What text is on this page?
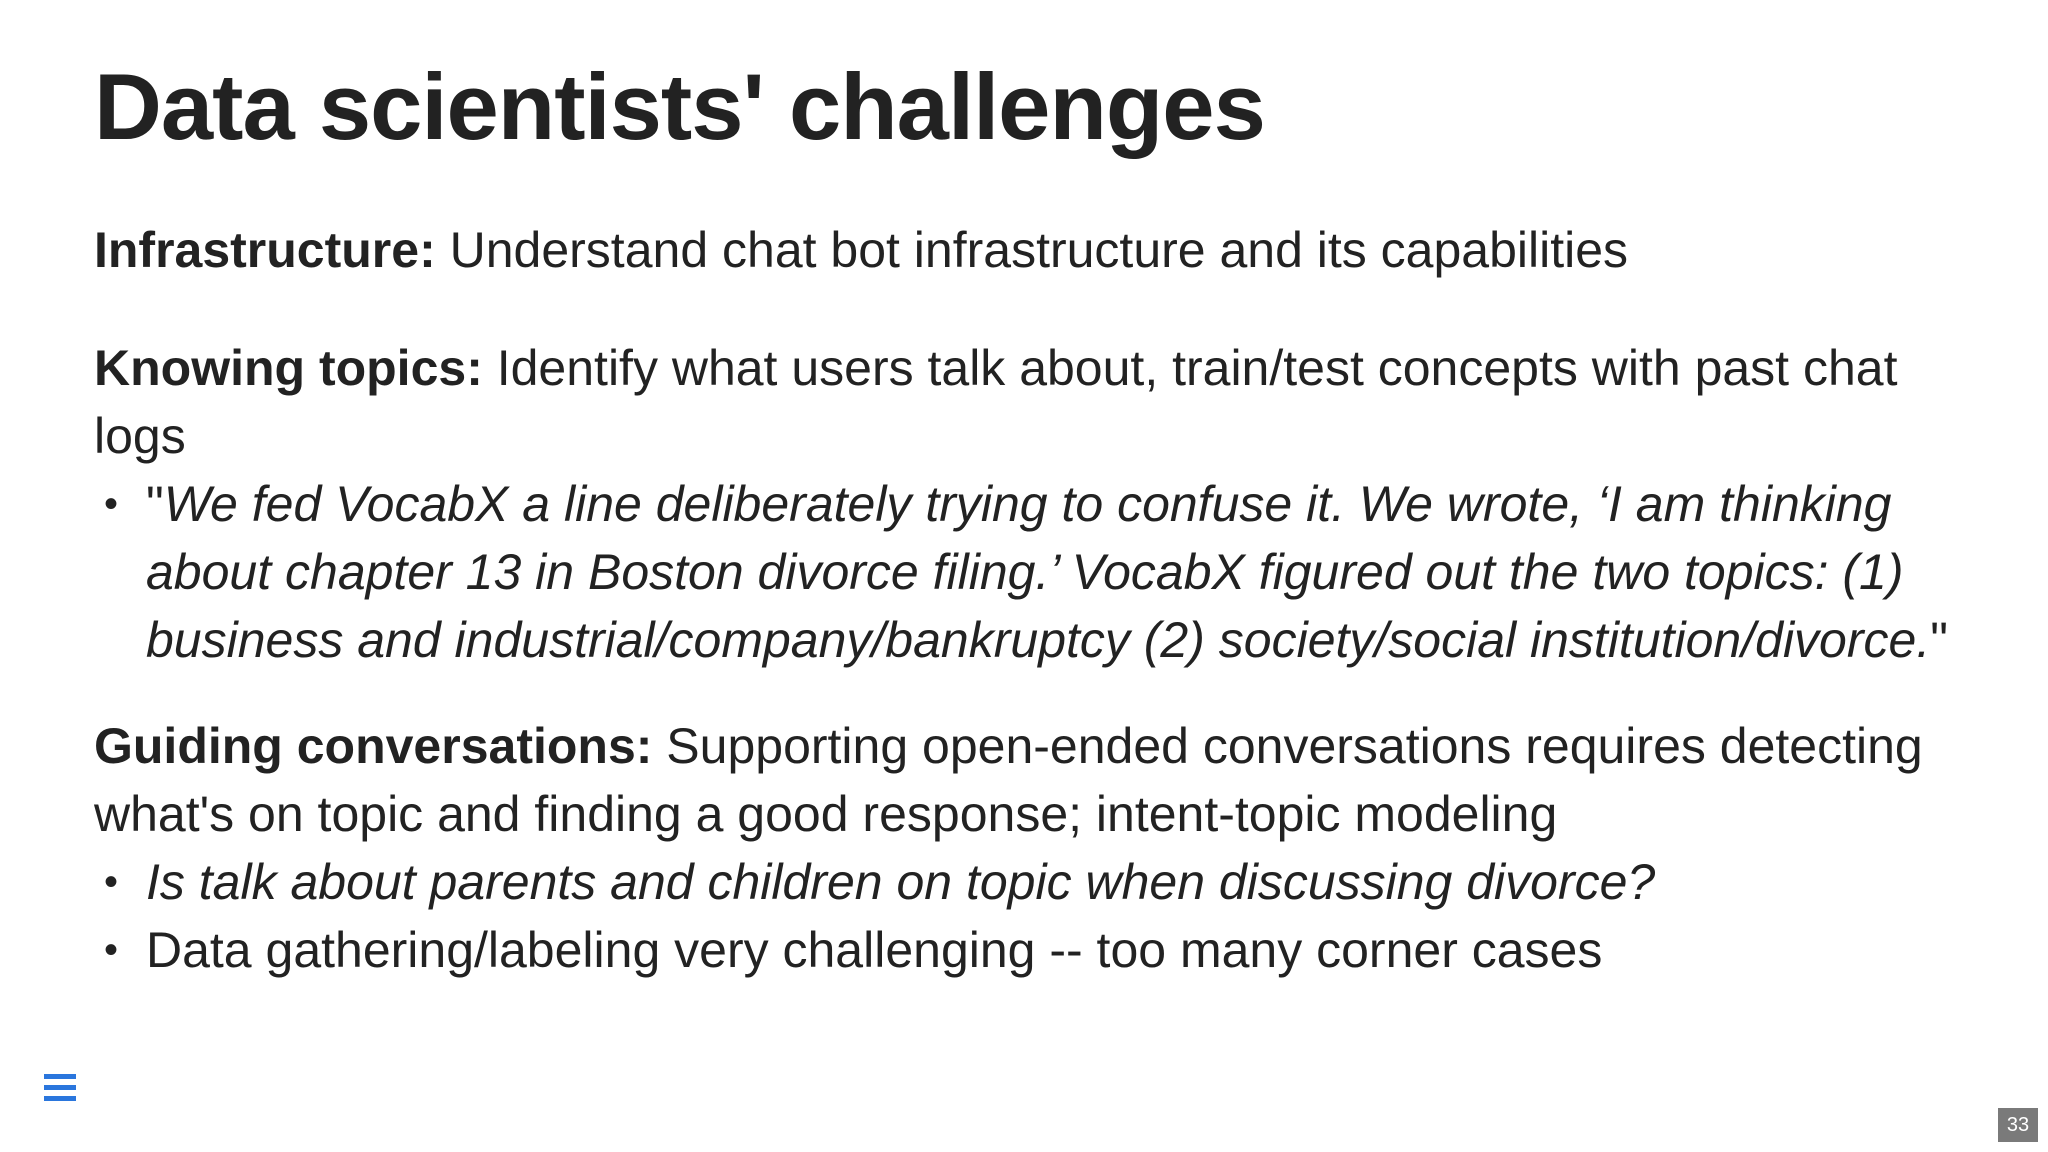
Data scientists' challenges

Infrastructure: Understand chat bot infrastructure and its capabilities

Knowing topics: Identify what users talk about, train/test concepts with past chat logs

• "We fed VocabX a line deliberately trying to confuse it. We wrote, ‘I am thinking about chapter 13 in Boston divorce filing.’ VocabX figured out the two topics: (1) business and industrial/company/bankruptcy (2) society/social institution/divorce."

Guiding conversations: Supporting open-ended conversations requires detecting what's on topic and finding a good response; intent-topic modeling

• Is talk about parents and children on topic when discussing divorce?
• Data gathering/labeling very challenging -- too many corner cases
33
